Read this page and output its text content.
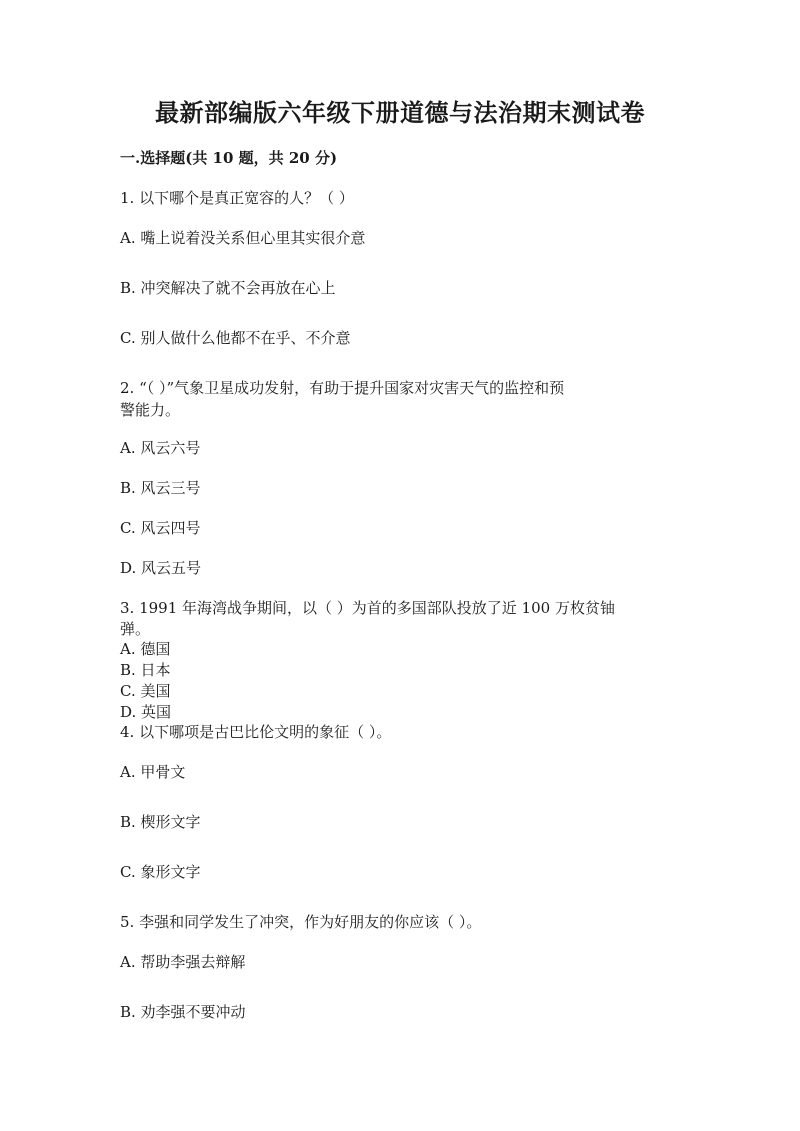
最新部编版六年级下册道德与法治期末测试卷
一.选择题(共 10 题，共 20 分)
1. 以下哪个是真正宽容的人？（ ）
A. 嘴上说着没关系但心里其实很介意
B. 冲突解决了就不会再放在心上
C. 别人做什么他都不在乎、不介意
2. “（ ）”气象卫星成功发射，有助于提升国家对灾害天气的监控和预
警能力。
A. 风云六号
B. 风云三号
C. 风云四号
D. 风云五号
3. 1991 年海湾战争期间，以（ ）为首的多国部队投放了近 100 万枚贫铀
弹。
A. 德国
B. 日本
C. 美国
D. 英国
4. 以下哪项是古巴比伦文明的象征（ ）。
A. 甲骨文
B. 楔形文字
C. 象形文字
5. 李强和同学发生了冲突，作为好朋友的你应该（ ）。
A. 帮助李强去辩解
B. 劝李强不要冲动
